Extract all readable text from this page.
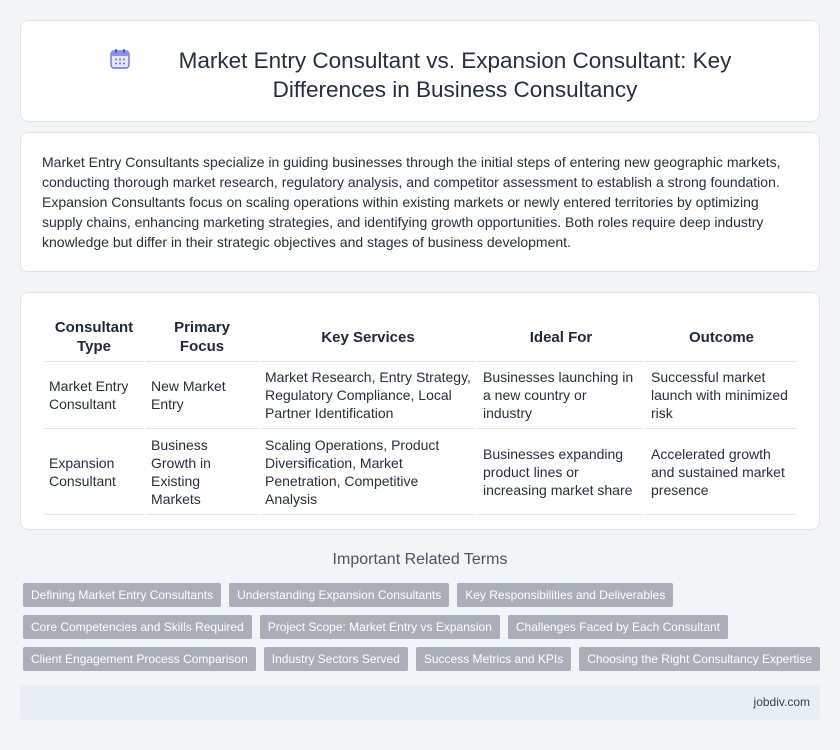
Market Entry Consultant vs. Expansion Consultant: Key Differences in Business Consultancy

Market Entry Consultants specialize in guiding businesses through the initial steps of entering new geographic markets, conducting thorough market research, regulatory analysis, and competitor assessment to establish a strong foundation. Expansion Consultants focus on scaling operations within existing markets or newly entered territories by optimizing supply chains, enhancing marketing strategies, and identifying growth opportunities. Both roles require deep industry knowledge but differ in their strategic objectives and stages of business development.

Consultant Type	Primary Focus	Key Services	Ideal For	Outcome
Market Entry Consultant	New Market Entry	Market Research, Entry Strategy, Regulatory Compliance, Local Partner Identification	Businesses launching in a new country or industry	Successful market launch with minimized risk
Expansion Consultant	Business Growth in Existing Markets	Scaling Operations, Product Diversification, Market Penetration, Competitive Analysis	Businesses expanding product lines or increasing market share	Accelerated growth and sustained market presence
Important Related Terms
Defining Market Entry Consultants	Understanding Expansion Consultants	Key Responsibilities and Deliverables
Core Competencies and Skills Required	Project Scope: Market Entry vs Expansion	Challenges Faced by Each Consultant
Client Engagement Process Comparison	Industry Sectors Served	Success Metrics and KPIs	Choosing the Right Consultancy Expertise
jobdiv.com
